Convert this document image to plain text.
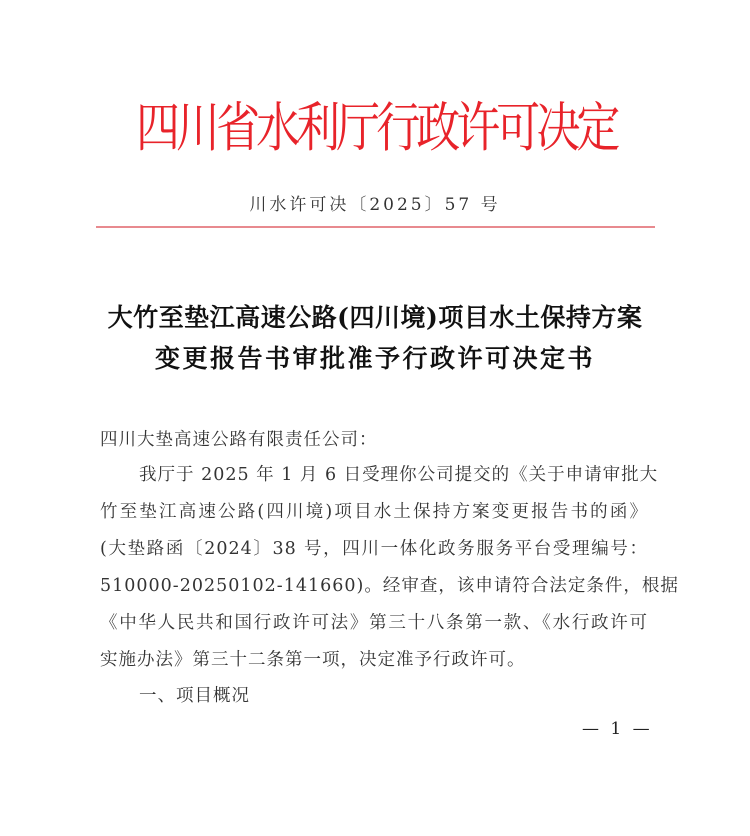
四
川
省
水
利
厅
行
政
许
可
决
定
川水许可决〔2025〕57 号
大竹至垫江高速公路(四川境)项目水土保持方案
变更报告书审批准予行政许可决定书
四川大垫高速公路有限责任公司：
我厅于 2025 年 1 月 6 日受理你公司提交的《关于申请审批大
竹至垫江高速公路(四川境)项目水土保持方案变更报告书的函》
(大垫路函〔2024〕38 号，四川一体化政务服务平台受理编号：
510000-20250102-141660)。经审查，该申请符合法定条件，根据
《中华人民共和国行政许可法》第三十八条第一款、《水行政许可
实施办法》第三十二条第一项，决定准予行政许可。
一、项目概况
— 1 —
